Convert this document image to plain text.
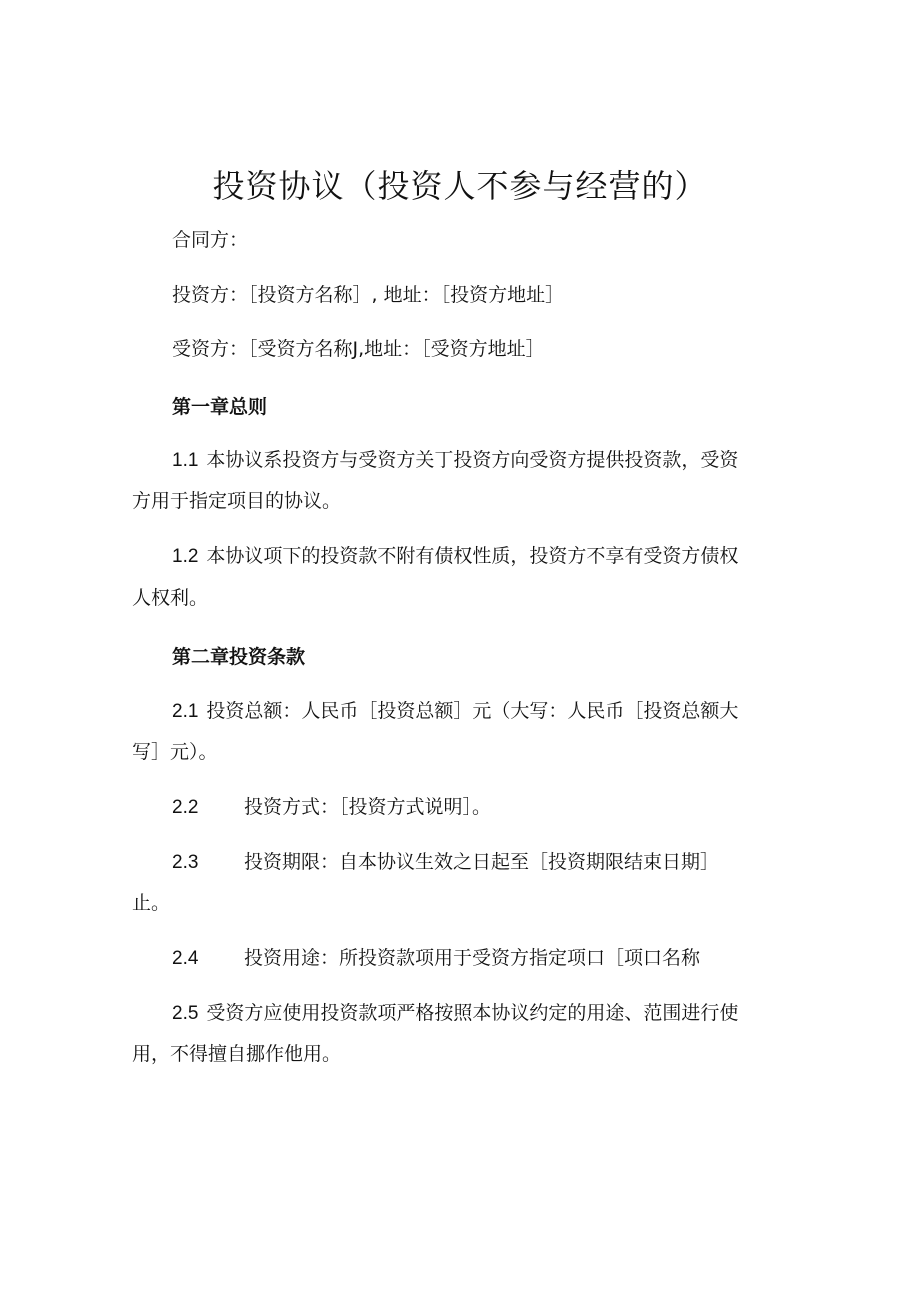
投资协议（投资人不参与经营的）
合同方：
投资方：［投资方名称］, 地址：［投资方地址］
受资方：［受资方名称J,地址：［受资方地址］
第一章总则
1.1 本协议系投资方与受资方关丁投资方向受资方提供投资款，受资
方用于指定项目的协议。
1.2 本协议项下的投资款不附有债权性质，投资方不享有受资方债权
人权利。
第二章投资条款
2.1 投资总额：人民币［投资总额］元（大写：人民币［投资总额大
写］元）。
2.2 投资方式：［投资方式说明］。
2.3 投资期限：自本协议生效之日起至［投资期限结束日期］
止。
2.4 投资用途：所投资款项用于受资方指定项口［项口名称
2.5 受资方应使用投资款项严格按照本协议约定的用途、范围进行使
用，不得擅自挪作他用。
